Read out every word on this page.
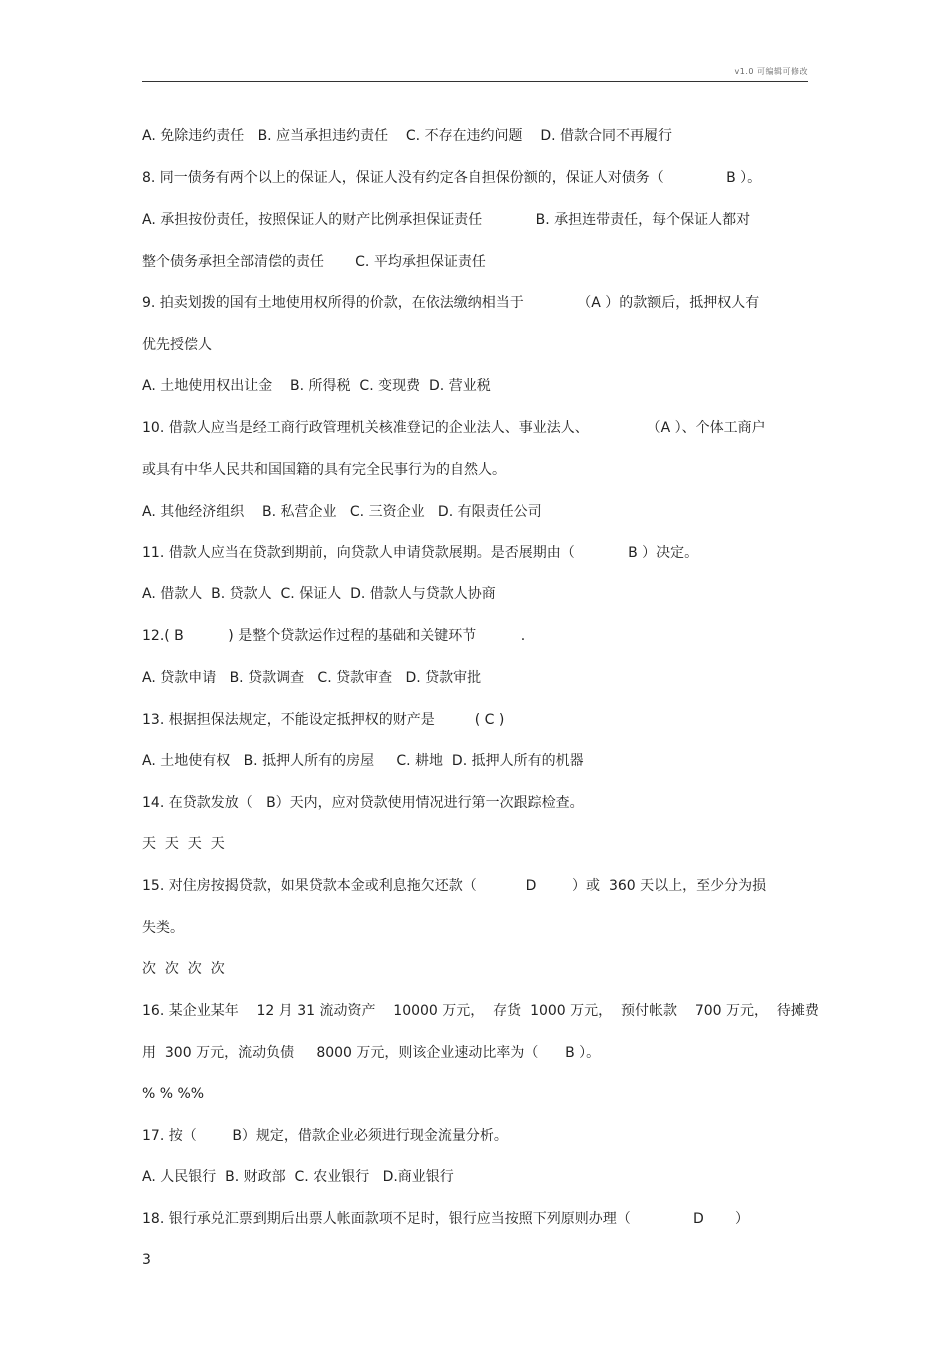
v1.0 可编辑可修改
A. 免除违约责任   B. 应当承担违约责任    C. 不存在违约问题    D. 借款合同不再履行
8. 同一债务有两个以上的保证人，保证人没有约定各自担保份额的，保证人对债务（              B ）。
A. 承担按份责任，按照保证人的财产比例承担保证责任            B. 承担连带责任，每个保证人都对
整个债务承担全部清偿的责任       C. 平均承担保证责任
9. 拍卖划拨的国有土地使用权所得的价款，在依法缴纳相当于            （A ）的款额后，抵押权人有
优先授偿人
A. 土地使用权出让金    B. 所得税  C. 变现费  D. 营业税
10. 借款人应当是经工商行政管理机关核准登记的企业法人、事业法人、             （A ）、个体工商户
或具有中华人民共和国国籍的具有完全民事行为的自然人。
A. 其他经济组织    B. 私营企业   C. 三资企业   D. 有限责任公司
11. 借款人应当在贷款到期前，向贷款人申请贷款展期。是否展期由（            B ）决定。
A. 借款人  B. 贷款人  C. 保证人  D. 借款人与贷款人协商
12.( B          ) 是整个贷款运作过程的基础和关键环节          .
A. 贷款申请   B. 贷款调查   C. 贷款审查   D. 贷款审批
13. 根据担保法规定，不能设定抵押权的财产是         ( C )
A. 土地使有权   B. 抵押人所有的房屋     C. 耕地  D. 抵押人所有的机器
14. 在贷款发放（   B）天内，应对贷款使用情况进行第一次跟踪检查。
天  天  天  天
15. 对住房按揭贷款，如果贷款本金或利息拖欠还款（           D        ）或  360 天以上，至少分为损
失类。
次  次  次  次
16. 某企业某年    12 月 31 流动资产    10000 万元，  存货  1000 万元，  预付帐款    700 万元，  待摊费
用  300 万元，流动负债     8000 万元，则该企业速动比率为（      B ）。
% % %%
17. 按（        B）规定，借款企业必须进行现金流量分析。
A. 人民银行  B. 财政部  C. 农业银行   D.商业银行
18. 银行承兑汇票到期后出票人帐面款项不足时，银行应当按照下列原则办理（              D       ）
3
